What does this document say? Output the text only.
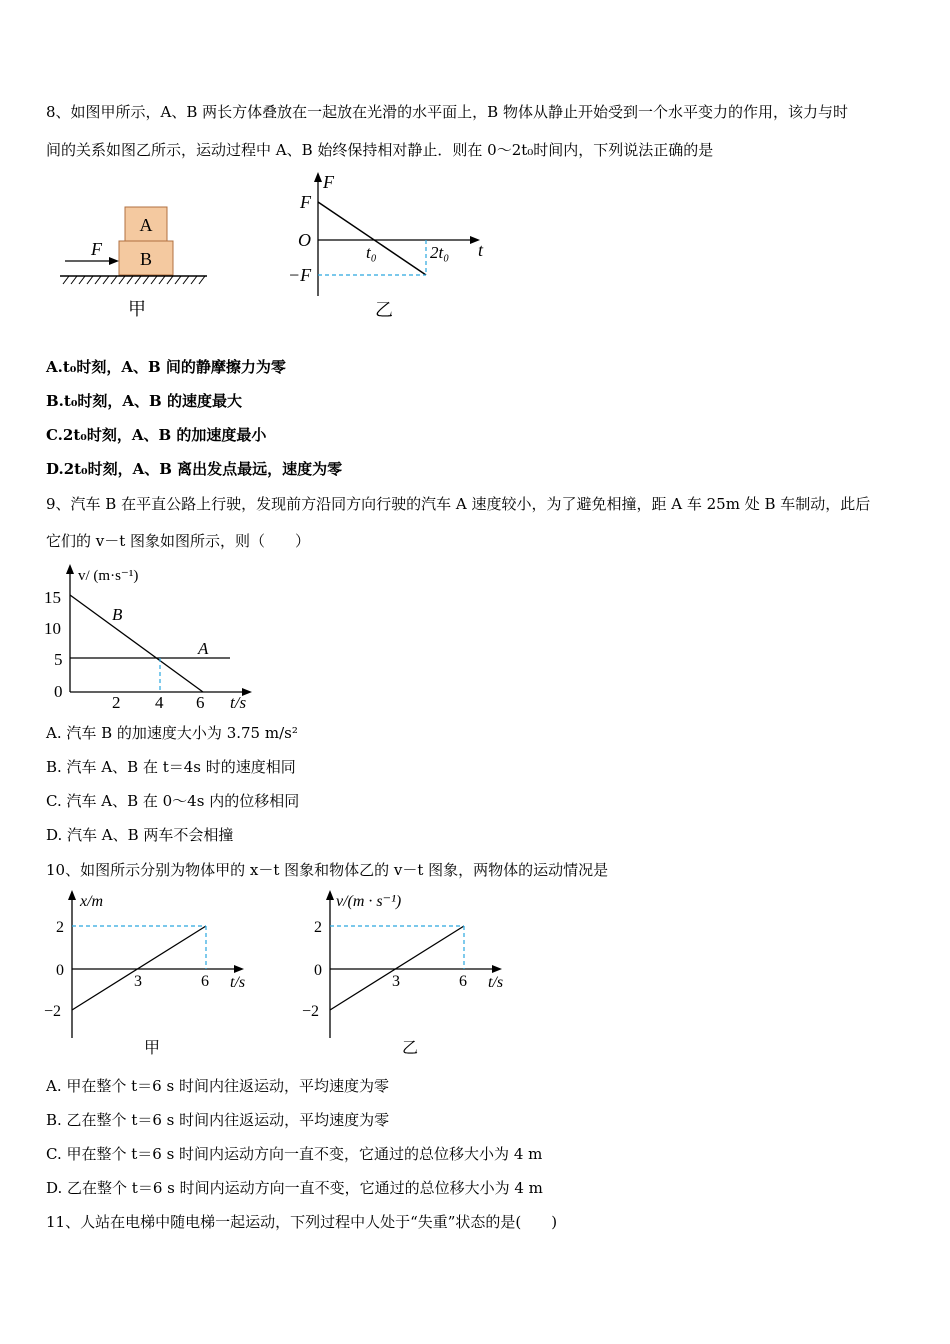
8、如图甲所示，A、B 两长方体叠放在一起放在光滑的水平面上，B 物体从静止开始受到一个水平变力的作用，该力与时
间的关系如图乙所示，运动过程中 A、B 始终保持相对静止．则在 0～2t₀时间内，下列说法正确的是
A
B
F
甲
F
F
O
−F
t₀	2t₀ t
乙
A.t₀时刻，A、B 间的静摩擦力为零
B.t₀时刻，A、B 的速度最大
C.2t₀时刻，A、B 的加速度最小
D.2t₀时刻，A、B 离出发点最远，速度为零
9、汽车 B 在平直公路上行驶，发现前方沿同方向行驶的汽车 A 速度较小，为了避免相撞，距 A 车 25m 处 B 车制动，此后
它们的 v－t 图象如图所示，则（　　）
v/ (m·s⁻¹)
15
10
5
0
2 4 6 t/s
B
A
A. 汽车 B 的加速度大小为 3.75 m/s²
B. 汽车 A、B 在 t＝4s 时的速度相同
C. 汽车 A、B 在 0～4s 内的位移相同
D. 汽车 A、B 两车不会相撞
10、如图所示分别为物体甲的 x－t 图象和物体乙的 v－t 图象，两物体的运动情况是
x/m
2
0
−2
3	6 t/s
甲
v/(m · s⁻¹)
2
0
−2
3	6 t/s
乙
A. 甲在整个 t＝6 s 时间内往返运动，平均速度为零
B. 乙在整个 t＝6 s 时间内往返运动，平均速度为零
C. 甲在整个 t＝6 s 时间内运动方向一直不变，它通过的总位移大小为 4 m
D. 乙在整个 t＝6 s 时间内运动方向一直不变，它通过的总位移大小为 4 m
11、人站在电梯中随电梯一起运动，下列过程中人处于“失重”状态的是(　　)
